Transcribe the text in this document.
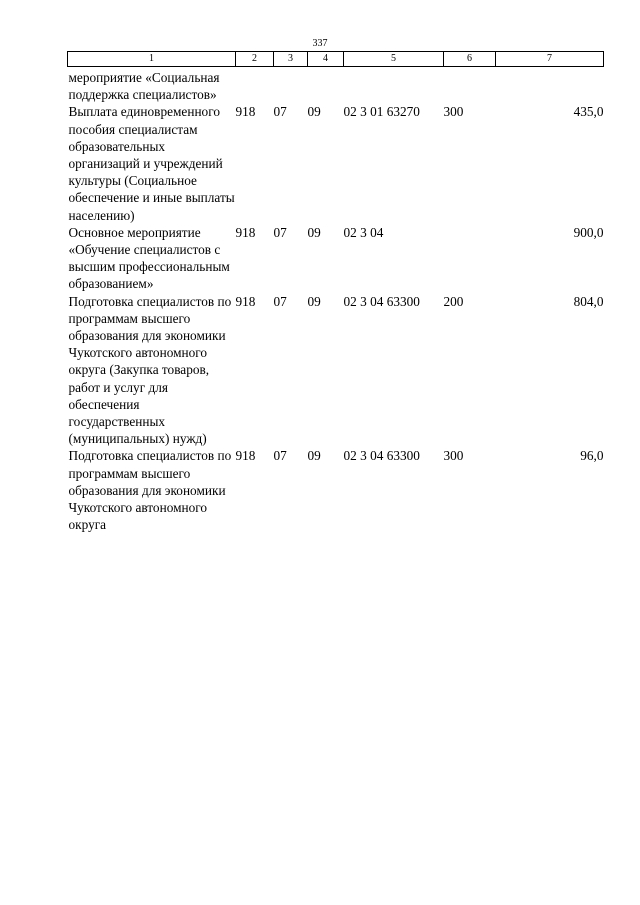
337
1	2	3	4	5	6	7
мероприятие «Социальная поддержка специалистов»						
Выплата единовременного пособия специалистам образовательных организаций и учреждений культуры (Социальное обеспечение и иные выплаты населению)	918	07	09	02 3 01 63270	300	435,0
Основное мероприятие «Обучение специалистов с высшим профессиональным образованием»	918	07	09	02 3 04		900,0
Подготовка специалистов по программам высшего образования для экономики Чукотского автономного округа (Закупка товаров, работ и услуг для обеспечения государственных (муниципальных) нужд)	918	07	09	02 3 04 63300	200	804,0
Подготовка специалистов по программам высшего образования для экономики Чукотского автономного округа	918	07	09	02 3 04 63300	300	96,0
